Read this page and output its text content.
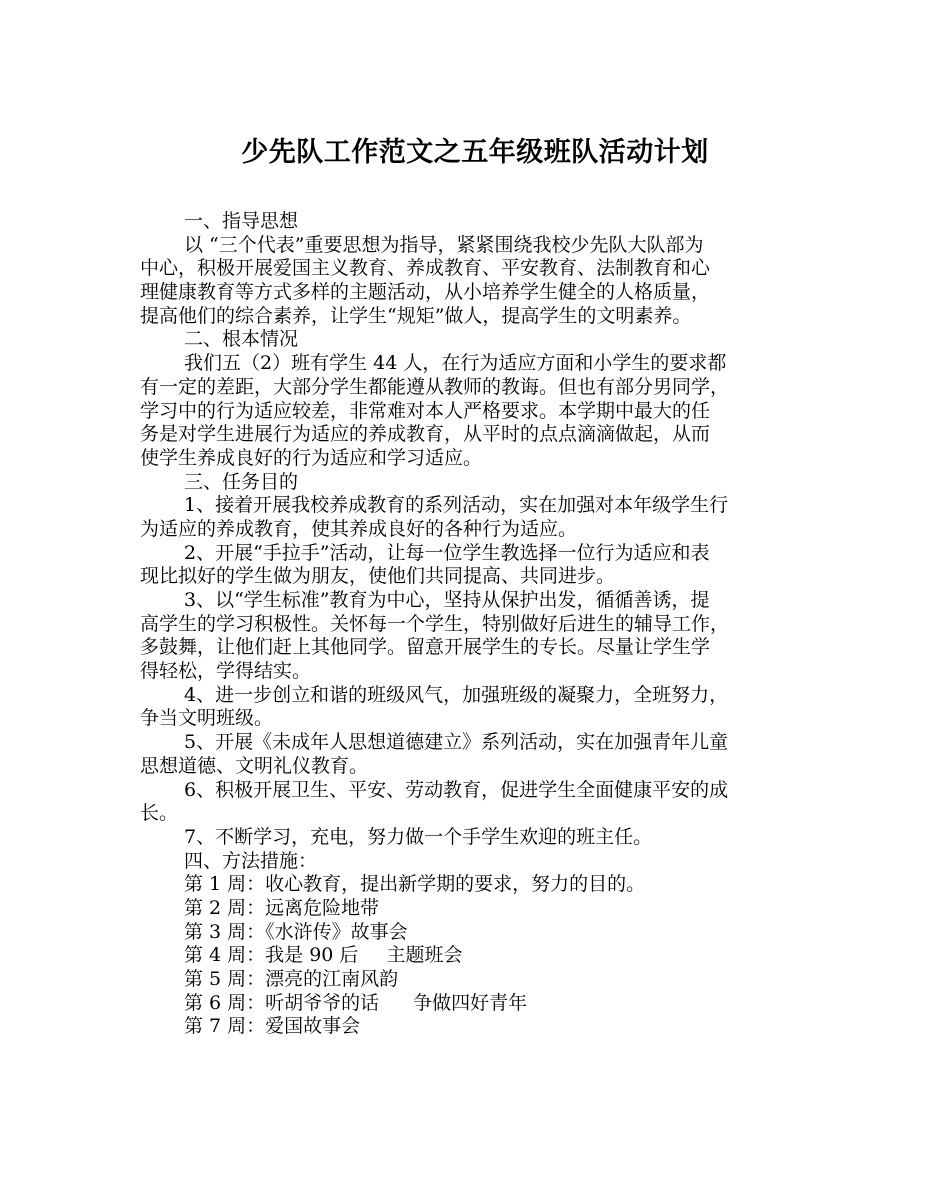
少先队工作范文之五年级班队活动计划
一、指导思想
以 “三个代表”重要思想为指导，紧紧围绕我校少先队大队部为
中心，积极开展爱国主义教育、养成教育、平安教育、法制教育和心
理健康教育等方式多样的主题活动，从小培养学生健全的人格质量，
提高他们的综合素养，让学生“规矩”做人，提高学生的文明素养。
二、根本情况
我们五（2）班有学生 44 人，在行为适应方面和小学生的要求都
有一定的差距，大部分学生都能遵从教师的教诲。但也有部分男同学，
学习中的行为适应较差，非常难对本人严格要求。本学期中最大的任
务是对学生进展行为适应的养成教育，从平时的点点滴滴做起，从而
使学生养成良好的行为适应和学习适应。
三、任务目的
1、接着开展我校养成教育的系列活动，实在加强对本年级学生行
为适应的养成教育，使其养成良好的各种行为适应。
2、开展“手拉手”活动，让每一位学生教选择一位行为适应和表
现比拟好的学生做为朋友，使他们共同提高、共同进步。
3、以“学生标准”教育为中心，坚持从保护出发，循循善诱，提
高学生的学习积极性。关怀每一个学生，特别做好后进生的辅导工作，
多鼓舞，让他们赶上其他同学。留意开展学生的专长。尽量让学生学
得轻松，学得结实。
4、进一步创立和谐的班级风气，加强班级的凝聚力，全班努力，
争当文明班级。
5、开展《未成年人思想道德建立》系列活动，实在加强青年儿童
思想道德、文明礼仪教育。
6、积极开展卫生、平安、劳动教育，促进学生全面健康平安的成
长。
7、不断学习，充电，努力做一个手学生欢迎的班主任。
四、方法措施：
第 1 周：收心教育，提出新学期的要求，努力的目的。
第 2 周：远离危险地带
第 3 周：《水浒传》故事会
第 4 周：我是 90 后 主题班会
第 5 周：漂亮的江南风韵
第 6 周：听胡爷爷的话 争做四好青年
第 7 周：爱国故事会
